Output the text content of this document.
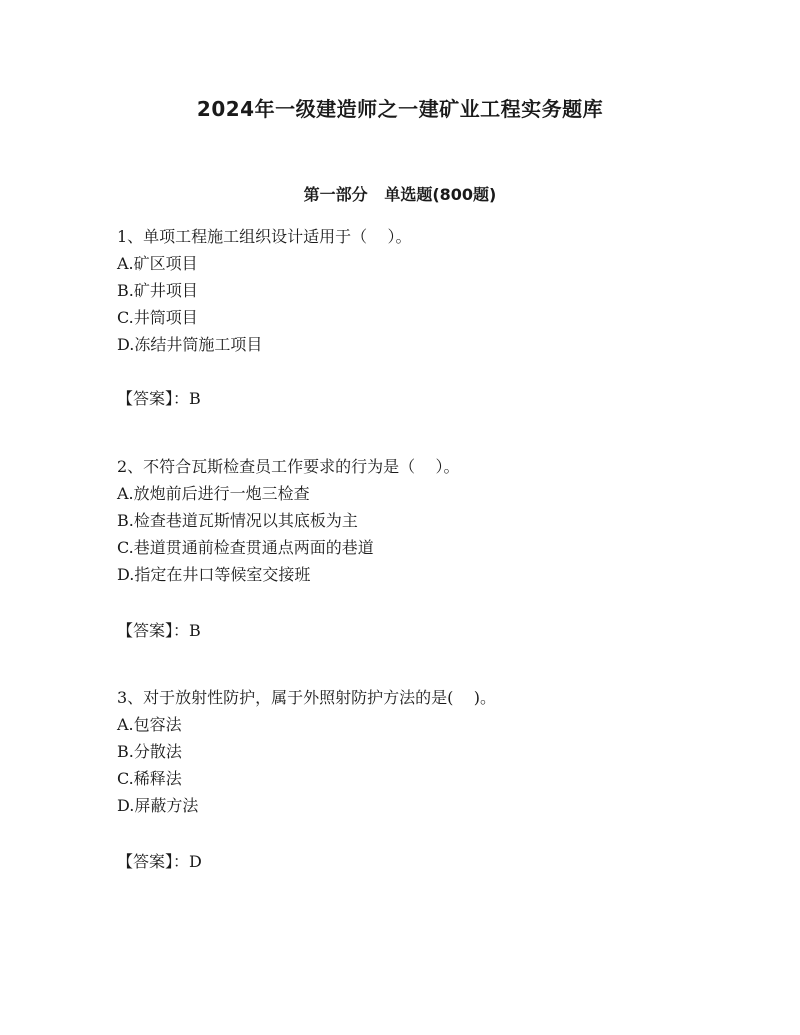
2024年一级建造师之一建矿业工程实务题库
第一部分   单选题(800题)
1、单项工程施工组织设计适用于（    ）。
A.矿区项目
B.矿井项目
C.井筒项目
D.冻结井筒施工项目
【答案】：B
2、不符合瓦斯检查员工作要求的行为是（    ）。
A.放炮前后进行一炮三检查
B.检查巷道瓦斯情况以其底板为主
C.巷道贯通前检查贯通点两面的巷道
D.指定在井口等候室交接班
【答案】：B
3、对于放射性防护，属于外照射防护方法的是(    )。
A.包容法
B.分散法
C.稀释法
D.屏蔽方法
【答案】：D
